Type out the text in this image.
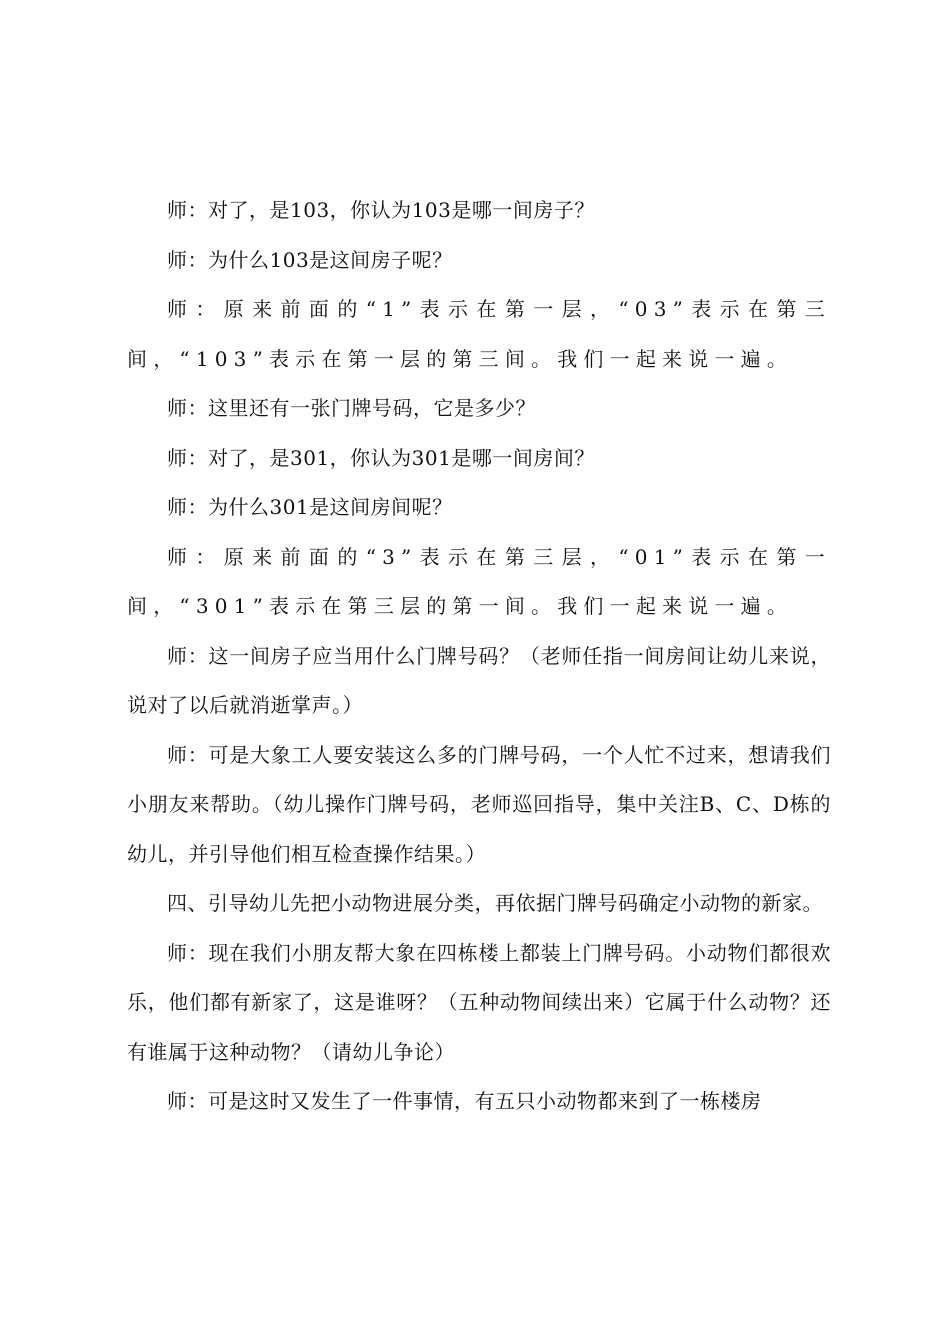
师：对了，是103，你认为103是哪一间房子？

师：为什么103是这间房子呢？

师：原来前面的“1”表示在第一层，“03”表示在第三间，“103”表示在第一层的第三间。我们一起来说一遍。

师：这里还有一张门牌号码，它是多少？

师：对了，是301，你认为301是哪一间房间？

师：为什么301是这间房间呢？

师：原来前面的“3”表示在第三层，“01”表示在第一间，“301”表示在第三层的第一间。我们一起来说一遍。

师：这一间房子应当用什么门牌号码？（老师任指一间房间让幼儿来说，说对了以后就消逝掌声。）

师：可是大象工人要安装这么多的门牌号码，一个人忙不过来，想请我们小朋友来帮助。（幼儿操作门牌号码，老师巡回指导，集中关注B、C、D栋的幼儿，并引导他们相互检查操作结果。）

四、引导幼儿先把小动物进展分类，再依据门牌号码确定小动物的新家。

师：现在我们小朋友帮大象在四栋楼上都装上门牌号码。小动物们都很欢乐，他们都有新家了，这是谁呀？（五种动物间续出来）它属于什么动物？还有谁属于这种动物？（请幼儿争论）

师：可是这时又发生了一件事情，有五只小动物都来到了一栋楼房
